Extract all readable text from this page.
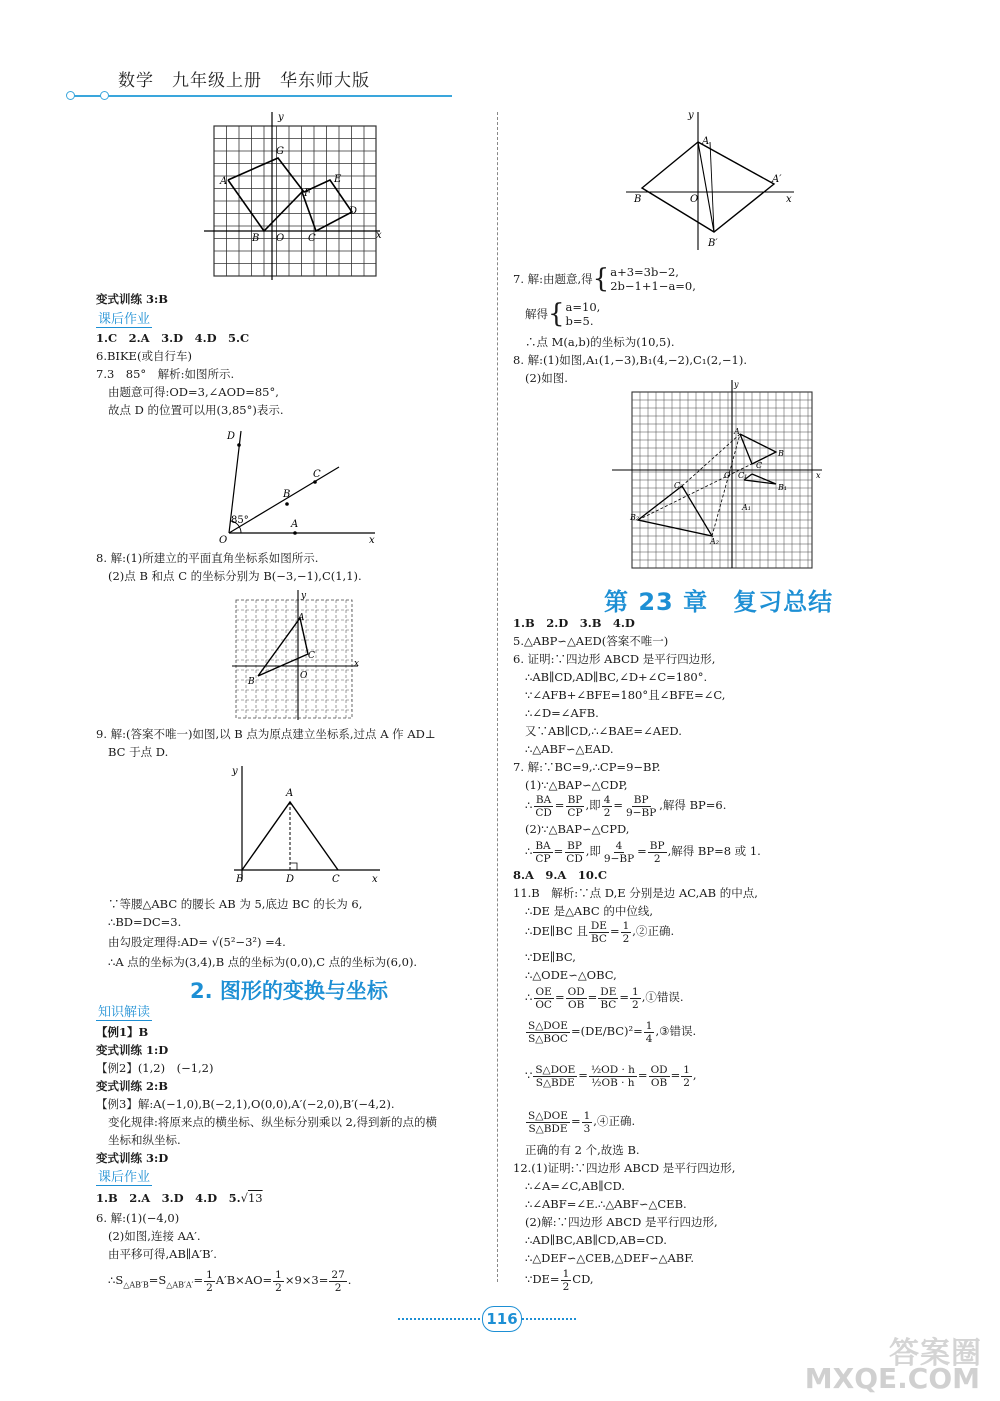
数学　九年级上册　华东师大版
y
x
G
A
F
E
D
B O C
变式训练 3:B
课后作业
1.C　2.A　3.D　4.D　5.C
6.BIKE(或自行车)
7.3　85°　解析:如图所示.
由题意可得:OD=3,∠AOD=85°,
故点 D 的位置可以用(3,85°)表示.
D
C
B
85°
O
A
x
8. 解:(1)所建立的平面直角坐标系如图所示.
(2)点 B 和点 C 的坐标分别为 B(−3,−1),C(1,1).
y
A
C
B
x
O
9. 解:(答案不唯一)如图,以 B 点为原点建立坐标系,过点 A 作 AD⊥
BC 于点 D.
y
A
B	D	C	x
∵等腰△ABC 的腰长 AB 为 5,底边 BC 的长为 6,
∴BD=DC=3.
由勾股定理得:AD= √(5²−3²) =4.
∴A 点的坐标为(3,4),B 点的坐标为(0,0),C 点的坐标为(6,0).
2. 图形的变换与坐标
知识解读
【例1】B
变式训练 1:D
【例2】(1,2)　(−1,2)
变式训练 2:B
【例3】解:A(−1,0),B(−2,1),O(0,0),A′(−2,0),B′(−4,2).
变化规律:将原来点的横坐标、纵坐标分别乘以 2,得到新的点的横
坐标和纵坐标.
变式训练 3:D
课后作业
1.B　2.A　3.D　4.D　5.√13
6. 解:(1)(−4,0)
(2)如图,连接 AA′.
由平移可得,AB∥A′B′.
$\therefore S_{\triangle AB'B}=S_{\triangle AB'A'}= \frac{1}{2} A'B\times AO= \frac{1}{2} \times 9\times 3= \frac{27}{2}$ .
y
A
A′
B	O	x
B′
7. 解:由题意,得{ a+3=3b−2,
2b−1+1−a=0,
解得{ a=10,
b=5.
∴点 M(a,b)的坐标为(10,5).
8. 解:(1)如图,A₁(1,−3),B₁(4,−2),C₁(2,−1).
(2)如图.	y
x
A
B
C
C₁
B₁
A₁
C₂
B₂
A₂
O
第 23 章　复习总结
1.B　2.D　3.B　4.D
5.△ABP∽△AED(答案不唯一)
6. 证明:∵四边形 ABCD 是平行四边形,
∴AB∥CD,AD∥BC,∠D+∠C=180°.
∵∠AFB+∠BFE=180°且∠BFE=∠C,
∴∠D=∠AFB.
又∵AB∥CD,∴∠BAE=∠AED.
∴△ABF∽△EAD.
7. 解:∵BC=9,∴CP=9−BP.
(1)∵△BAP∽△CDP,
∴ $\frac{BA}{CD} = \frac{BP}{CP}$ ,即 $\frac{4}{2} = \frac{BP}{9-BP}$ ,解得 BP=6.
(2)∵△BAP∽△CPD,
∴ $\frac{BA}{CP} = \frac{BP}{CD}$ ,即 $\frac{4}{9-BP} = \frac{BP}{2}$ ,解得 BP=8 或 1.
8.A　9.A　10.C
11.B　解析:∵点 D,E 分别是边 AC,AB 的中点,
∴DE 是△ABC 的中位线,
∴DE∥BC 且 $\frac{DE}{BC} = \frac{1}{2}$ ,②正确.
∵DE∥BC,
∴△ODE∽△OBC,
∴ $\frac{OE}{OC} = \frac{OD}{OB} = \frac{DE}{BC} = \frac{1}{2}$ ,①错误.
$\frac{\text{S△DOE}}{\text{S△BOC}} =(DE/BC)^2= \frac{1}{4}$ ,③错误.
∵ $\frac{\text{S△DOE}}{\text{S△BDE}} = \frac{\text{½OD · h}}{\text{½OB · h}} = \frac{OD}{OB} = \frac{1}{2}$ ,
$\frac{\text{S△DOE}}{\text{S△BDE}} = \frac{1}{3}$ ,④正确.
正确的有 2 个,故选 B.
12.(1)证明:∵四边形 ABCD 是平行四边形,
∴∠A=∠C,AB∥CD.
∴∠ABF=∠E.∴△ABF∽△CEB.
(2)解:∵四边形 ABCD 是平行四边形,
∴AD∥BC,AB∥CD,AB=CD.
∴△DEF∽△CEB,△DEF∽△ABF.
∵DE= $\frac{1}{2}$ CD,
116
答案圈
MXQE.COM
